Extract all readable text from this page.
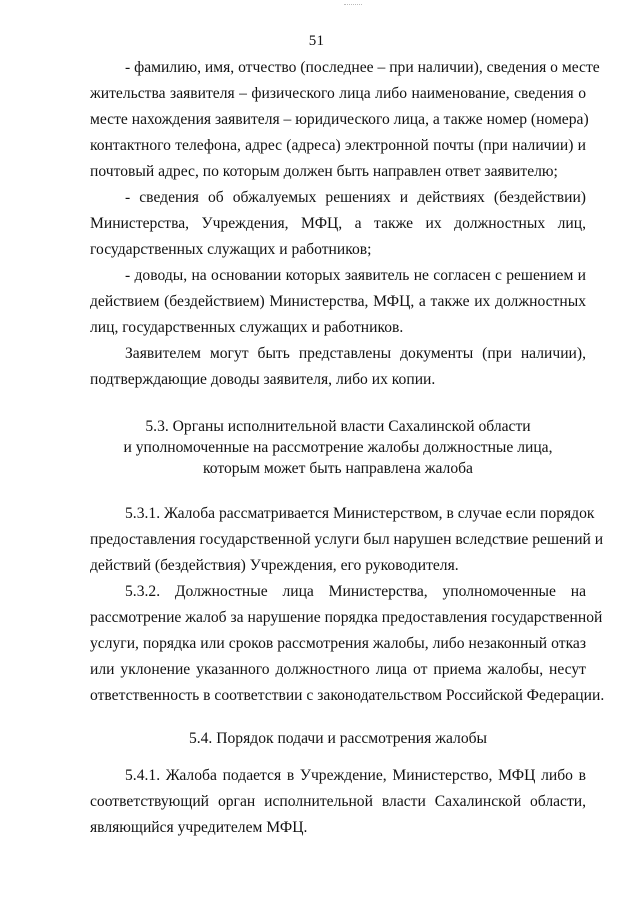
51
- фамилию, имя, отчество (последнее – при наличии), сведения о месте
жительства заявителя – физического лица либо наименование, сведения о
месте нахождения заявителя – юридического лица, а также номер (номера)
контактного телефона, адрес (адреса) электронной почты (при наличии) и
почтовый адрес, по которым должен быть направлен ответ заявителю;
- сведения об обжалуемых решениях и действиях (бездействии)
Министерства, Учреждения, МФЦ, а также их должностных лиц,
государственных служащих и работников;
- доводы, на основании которых заявитель не согласен с решением и
действием (бездействием) Министерства, МФЦ, а также их должностных
лиц, государственных служащих и работников.
Заявителем могут быть представлены документы (при наличии),
подтверждающие доводы заявителя, либо их копии.
5.3. Органы исполнительной власти Сахалинской области
и уполномоченные на рассмотрение жалобы должностные лица,
которым может быть направлена жалоба
5.3.1. Жалоба рассматривается Министерством, в случае если порядок
предоставления государственной услуги был нарушен вследствие решений и
действий (бездействия) Учреждения, его руководителя.
5.3.2. Должностные лица Министерства, уполномоченные на
рассмотрение жалоб за нарушение порядка предоставления государственной
услуги, порядка или сроков рассмотрения жалобы, либо незаконный отказ
или уклонение указанного должностного лица от приема жалобы, несут
ответственность в соответствии с законодательством Российской Федерации.
5.4. Порядок подачи и рассмотрения жалобы
5.4.1. Жалоба подается в Учреждение, Министерство, МФЦ либо в
соответствующий орган исполнительной власти Сахалинской области,
являющийся учредителем МФЦ.
